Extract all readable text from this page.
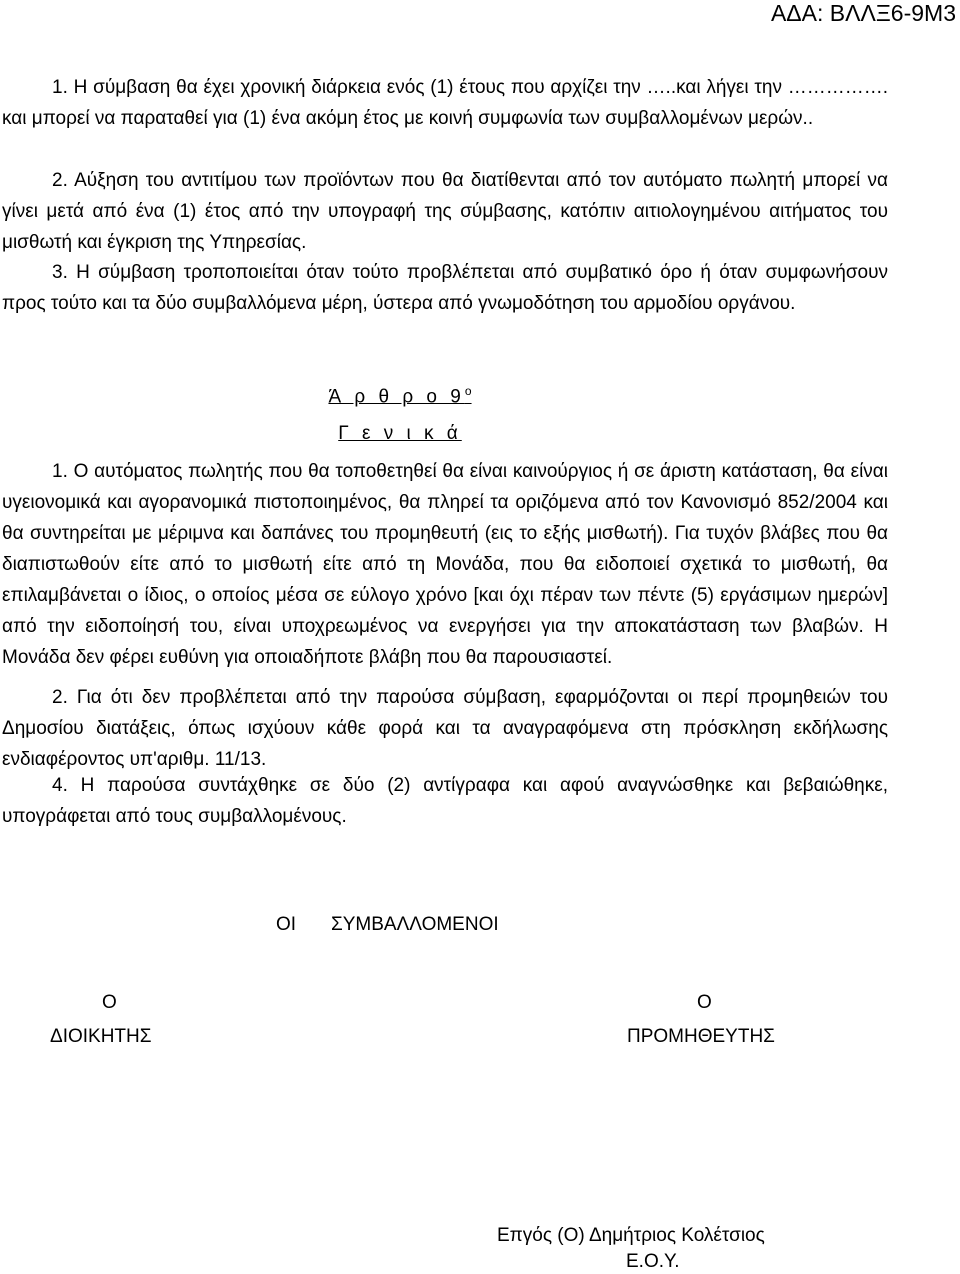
ΑΔΑ: ΒΛΛΞ6-9Μ3
1. Η σύμβαση θα έχει χρονική διάρκεια ενός (1) έτους που αρχίζει την …..και λήγει την ……………. και μπορεί να παραταθεί για (1) ένα ακόμη έτος με κοινή συμφωνία των συμβαλλομένων μερών..
2. Αύξηση του αντιτίμου των προϊόντων που θα διατίθενται από τον αυτόματο πωλητή μπορεί να γίνει μετά από ένα (1) έτος από την υπογραφή της σύμβασης, κατόπιν αιτιολογημένου αιτήματος του μισθωτή και έγκριση της Υπηρεσίας.
3. Η σύμβαση τροποποιείται όταν τούτο προβλέπεται από συμβατικό όρο ή όταν συμφωνήσουν προς τούτο και τα δύο συμβαλλόμενα μέρη, ύστερα από γνωμοδότηση του αρμοδίου οργάνου.
Ά ρ θ ρ ο $9^o$
Γ ε ν ι κ ά
1. Ο αυτόματος πωλητής που θα τοποθετηθεί θα είναι καινούργιος ή σε άριστη κατάσταση, θα είναι υγειονομικά και αγορανομικά πιστοποιημένος, θα πληρεί τα οριζόμενα από τον Κανονισμό 852/2004 και θα συντηρείται με μέριμνα και δαπάνες του προμηθευτή (εις το εξής μισθωτή). Για τυχόν βλάβες που θα διαπιστωθούν είτε από το μισθωτή είτε από τη Μονάδα, που θα ειδοποιεί σχετικά το μισθωτή, θα επιλαμβάνεται ο ίδιος, ο οποίος μέσα σε εύλογο χρόνο [και όχι πέραν των πέντε (5) εργάσιμων ημερών] από την ειδοποίησή του, είναι υποχρεωμένος να ενεργήσει για την αποκατάσταση των βλαβών. Η Μονάδα δεν φέρει ευθύνη για οποιαδήποτε βλάβη που θα παρουσιαστεί.
2. Για ότι δεν προβλέπεται από την παρούσα σύμβαση, εφαρμόζονται οι περί προμηθειών του Δημοσίου διατάξεις, όπως ισχύουν κάθε φορά και τα αναγραφόμενα στη πρόσκληση εκδήλωσης ενδιαφέροντος υπ'αριθμ. 11/13.
4. Η παρούσα συντάχθηκε σε δύο (2) αντίγραφα και αφού αναγνώσθηκε και βεβαιώθηκε, υπογράφεται από τους συμβαλλομένους.
ΟΙ ΣΥΜΒΑΛΛΟΜΕΝΟΙ
Ο
ΔΙΟΙΚΗΤΗΣ
Ο
ΠΡΟΜΗΘΕΥΤΗΣ
Επγός (Ο) Δημήτριος Κολέτσιος
Ε.Ο.Υ.
